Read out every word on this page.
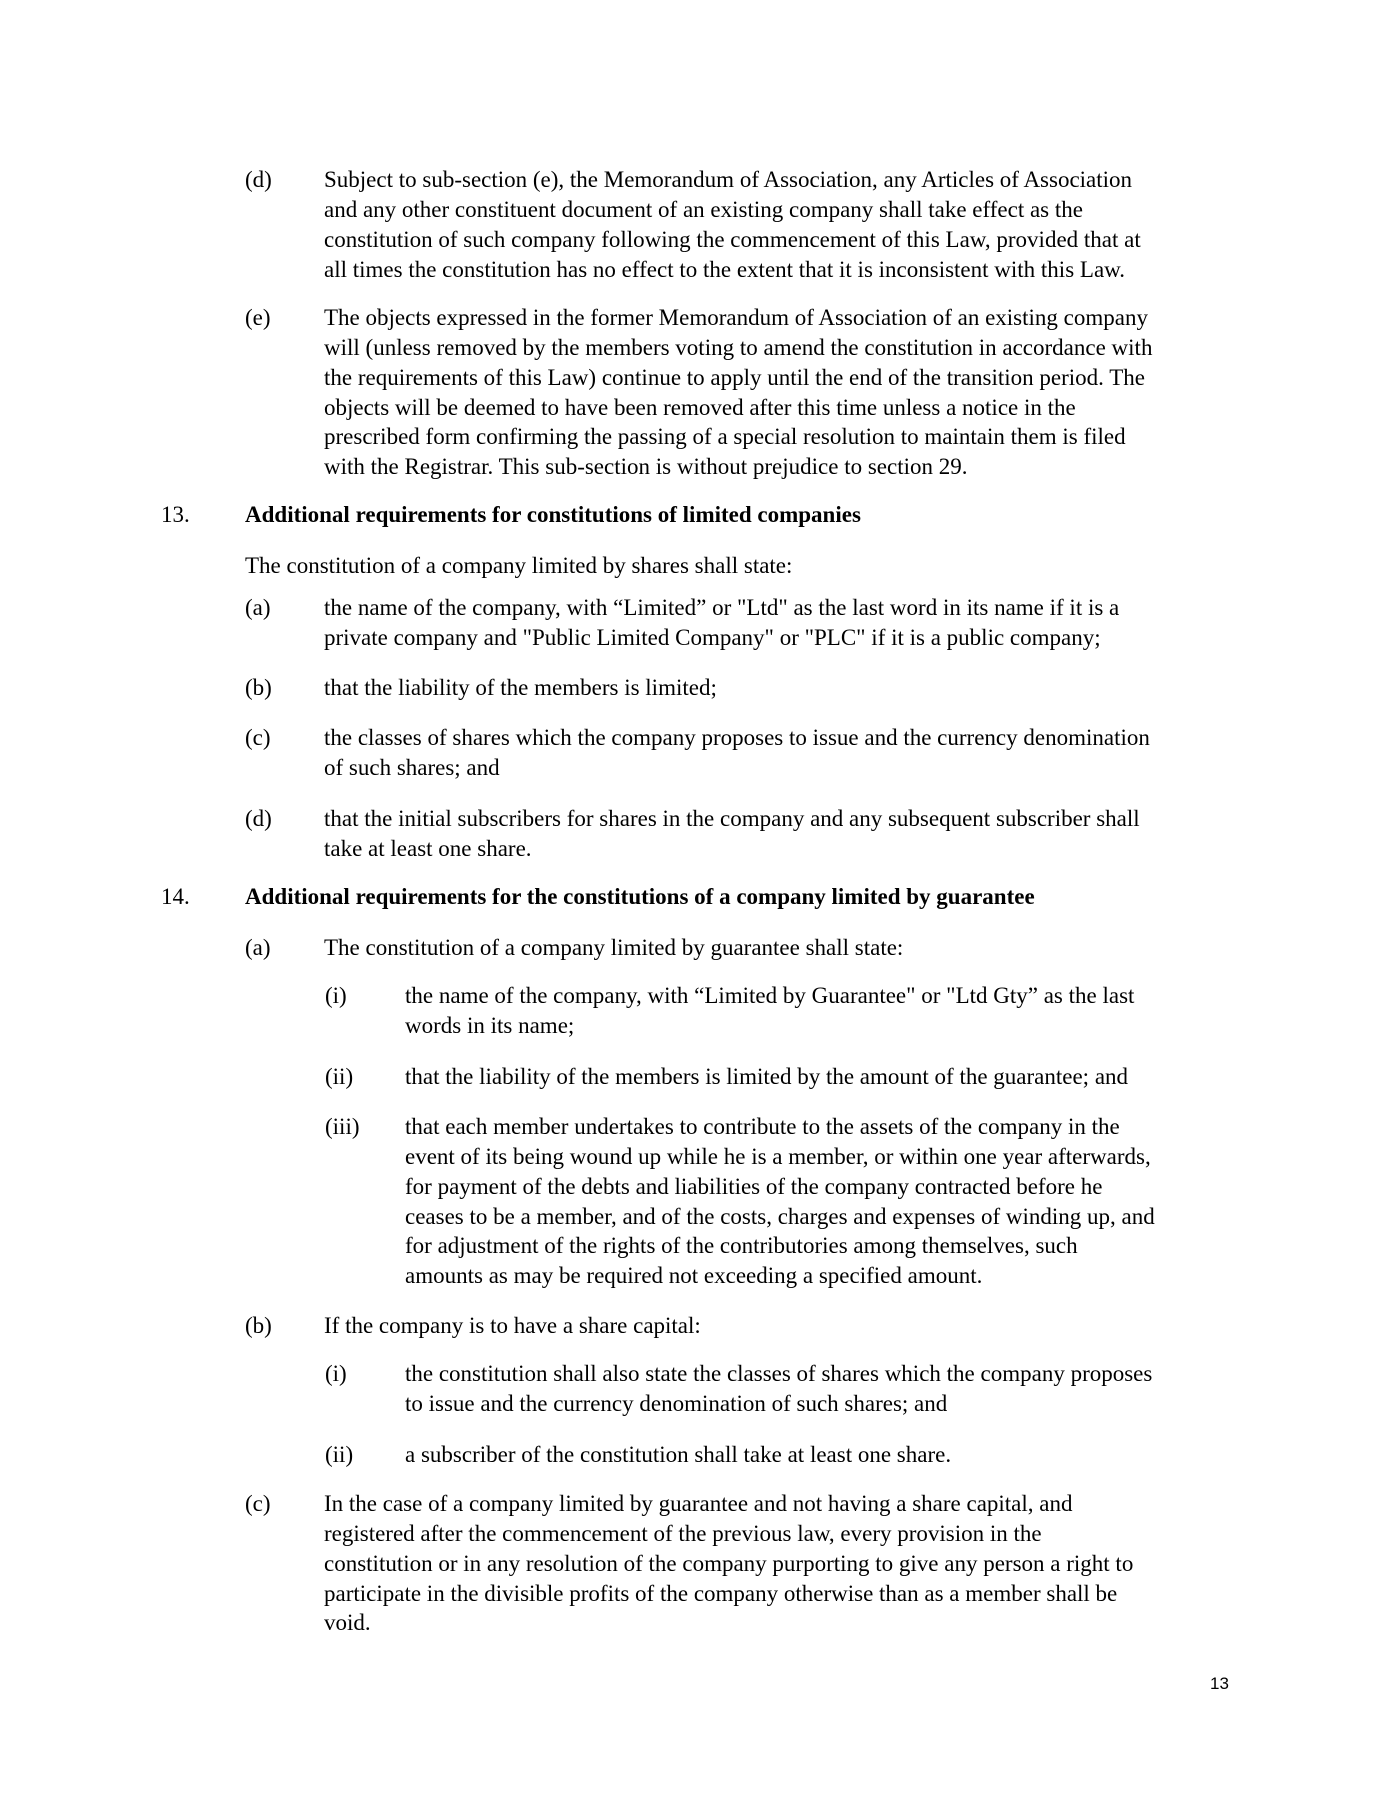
(d) Subject to sub-section (e), the Memorandum of Association, any Articles of Association
and any other constituent document of an existing company shall take effect as the
constitution of such company following the commencement of this Law, provided that at
all times the constitution has no effect to the extent that it is inconsistent with this Law.
(e) The objects expressed in the former Memorandum of Association of an existing company
will (unless removed by the members voting to amend the constitution in accordance with
the requirements of this Law) continue to apply until the end of the transition period. The
objects will be deemed to have been removed after this time unless a notice in the
prescribed form confirming the passing of a special resolution to maintain them is filed
with the Registrar. This sub-section is without prejudice to section 29.
13. Additional requirements for constitutions of limited companies
The constitution of a company limited by shares shall state:
(a) the name of the company, with “Limited” or "Ltd" as the last word in its name if it is a
private company and "Public Limited Company" or "PLC" if it is a public company;
(b) that the liability of the members is limited;
(c) the classes of shares which the company proposes to issue and the currency denomination
of such shares; and
(d) that the initial subscribers for shares in the company and any subsequent subscriber shall
take at least one share.
14. Additional requirements for the constitutions of a company limited by guarantee
(a) The constitution of a company limited by guarantee shall state:
(i)	the name of the company, with “Limited by Guarantee" or "Ltd Gty” as the last
words in its name;
(ii) that the liability of the members is limited by the amount of the guarantee; and
(iii) that each member undertakes to contribute to the assets of the company in the
event of its being wound up while he is a member, or within one year afterwards,
for payment of the debts and liabilities of the company contracted before he
ceases to be a member, and of the costs, charges and expenses of winding up, and
for adjustment of the rights of the contributories among themselves, such
amounts as may be required not exceeding a specified amount.
(b) If the company is to have a share capital:
(i)	the constitution shall also state the classes of shares which the company proposes
to issue and the currency denomination of such shares; and
(ii) a subscriber of the constitution shall take at least one share.
(c) In the case of a company limited by guarantee and not having a share capital, and
registered after the commencement of the previous law, every provision in the
constitution or in any resolution of the company purporting to give any person a right to
participate in the divisible profits of the company otherwise than as a member shall be
void.
13
